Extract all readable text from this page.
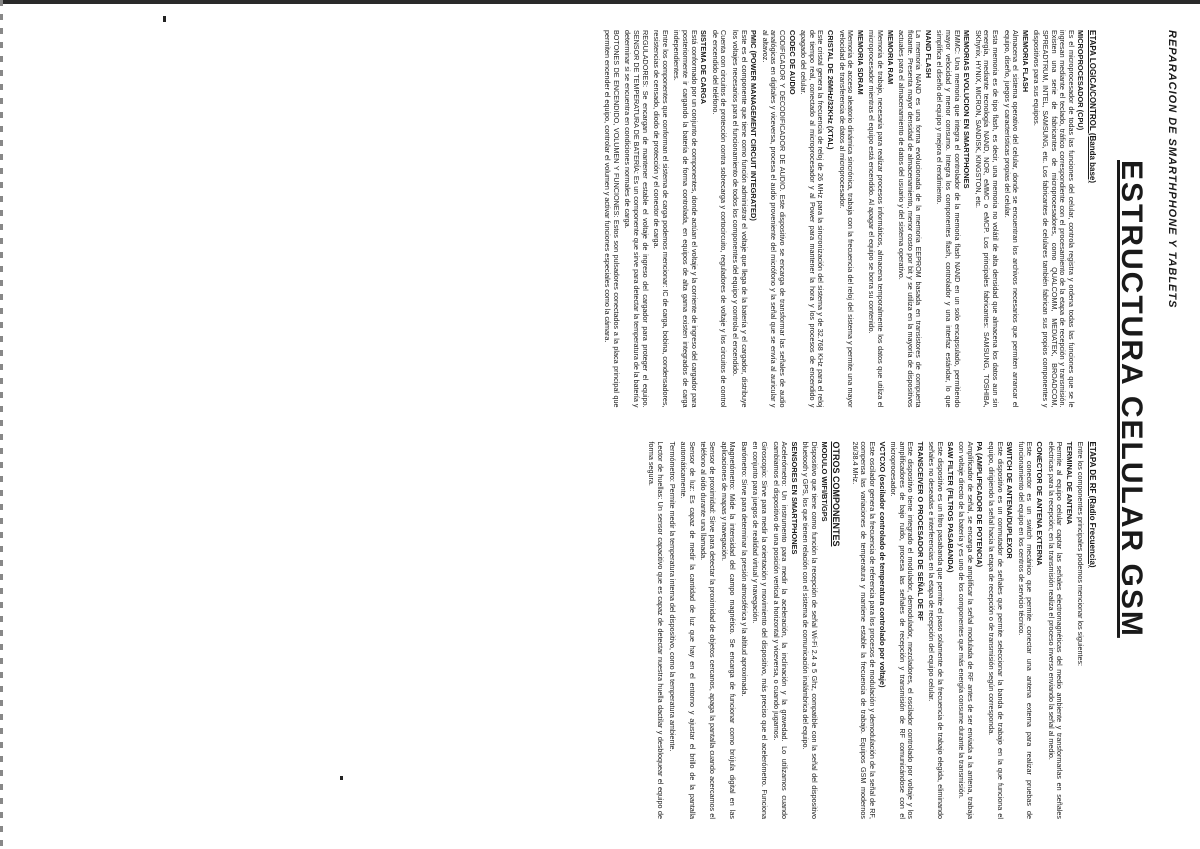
REPARACION DE SMARTHPHONE Y TABLETS
ESTRUCTURA CELULAR GSM
ETAPA LOGICA/CONTROL (Banda base)
MICROPROCESADOR (CPU)

Es el microprocesador de todas las funciones del celular, controla registra y ordena todas las funciones que se le ingresan mediante el teclado, tráfico correspondiente con el procesamiento de la etapa de recepción y transmisión. Existen una serie de fabricantes de microprocesadores, como QUALCOMM, MEDIATEK, BROADCOM, SPREADTRUM, INTEL, SAMSUNG, etc. Los fabricantes de celulares también fabrican sus propios componentes y dispositivos para sus equipos.

MEMORIA FLASH

Almacena el sistema operativo del celular, donde se encuentran los archivos necesarios que permiten arrancar el equipo, diseño, juegos y características propias del celular.

Esta memoria es de tipo flash, es decir, una memoria no volátil de alta densidad que almacena los datos aun sin energía, mediante tecnología NAND, NOR, eMMC o eMCP. Los principales fabricantes: SAMSUNG, TOSHIBA, SKhynix, HYNIX, MICRON, SANDISK, KINGSTON, etc.

MEMORIAS EVOLUCION EN SMARTPHONES

EMMC: Una memoria que integra el controlador de la memoria flash NAND en un solo encapsulado, permitiendo mayor velocidad y menor consumo. Integra los componentes flash, controlador y una interfaz estándar, lo que simplifica el diseño del equipo y mejora el rendimiento.

NAND FLASH

La memoria NAND es una forma evolucionada de la memoria EEPROM basada en transistores de compuerta flotante. Presenta mayor densidad de almacenamiento, menor costo por bit y se utiliza en la mayoría de dispositivos actuales para el almacenamiento de datos del usuario y del sistema operativo.

MEMORIA RAM

Memoria de trabajo, necesaria para realizar procesos informáticos, almacena temporalmente los datos que utiliza el microprocesador mientras el equipo está encendido. Al apagar el equipo se borra su contenido.

MEMORIA SDRAM

Memoria de acceso aleatorio dinámica sincrónica, trabaja con la frecuencia del reloj del sistema y permite una mayor velocidad de transferencia de datos al microprocesador.

CRISTAL DE 26MHz/32KHz (XTAL)

Este cristal genera la frecuencia de reloj de 26 MHz para la sincronización del sistema y de 32.768 KHz para el reloj de tiempo real, conectado al microprocesador y al Power para mantener la hora y los procesos de encendido y apagado del celular.

CODEC DE AUDIO

CODIFICADOR Y DECODIFICADOR DE AUDIO. Este dispositivo se encarga de transformar las señales de audio analógicas en digitales y viceversa, procesa el audio proveniente del micrófono y la señal que se envía al auricular y al altavoz.

PMIC (POWER MANAGEMENT CIRCUIT INTEGRATED)

Este es el componente que tiene como función administrar el voltaje que llega de la batería y el cargador, distribuye los voltajes necesarios para el funcionamiento de todos los componentes del equipo y controla el encendido.

Cuenta con circuitos de protección contra sobrecarga y cortocircuito, reguladores de voltaje y los circuitos de control de encendido del teléfono.

SISTEMA DE CARGA

Está conformado por un conjunto de componentes, donde actúan el voltaje y la corriente de ingreso del cargador para posteriormente ir cargando la batería de forma controlada, en equipos de alta gama existen integrados de carga independientes.

Entre los componentes que conforman el sistema de carga podemos mencionar: IC de carga, bobina, condensadores, resistencias de censado, diodo de protección y el conector de carga.

REGULADORES: Se encargan de mantener estable el voltaje de ingreso del cargador para proteger el equipo. SENSOR DE TEMPERATURA DE BATERÍA: Es un componente que sirve para detectar la temperatura de la batería y determinar si se encuentra en condiciones normales de carga.

BOTONES DE ENCENDIDO, VOLUMEN Y FUNCIONES: Estos son pulsadores conectados a la placa principal que permiten encender el equipo, controlar el volumen y activar funciones especiales como la cámara.

ETAPA DE RF (Radio Frecuencia)

Entre los componentes principales podemos mencionar los siguientes:

TERMINAL DE ANTENA

Permite al equipo celular captar las señales electromagnéticas del medio ambiente y transformarlas en señales eléctricas para la recepción; en la transmisión realiza el proceso inverso enviando la señal al medio.

CONECTOR DE ANTENA EXTERNA

Este conector es un switch mecánico que permite conectar una antena externa para realizar pruebas de funcionamiento del equipo en los centros de servicio técnico.

SWITCH DE ANTENA/DUPLEXOR

Este dispositivo es un conmutador de señales que permite seleccionar la banda de trabajo en la que funciona el equipo, dirigiendo la señal hacia la etapa de recepción o de transmisión según corresponda.

PA (AMPLIFICADOR DE POTENCIA)

Amplificador de señal, se encarga de amplificar la señal modulada de RF antes de ser enviada a la antena, trabaja con voltaje directo de la batería y es uno de los componentes que más energía consume durante la transmisión.

SAW FILTER (FILTROS PASABANDA)

Este dispositivo es un filtro pasabanda que permite el paso solamente de la frecuencia de trabajo elegida, eliminando señales no deseadas e interferencias en la etapa de recepción del equipo celular.

TRANSCEIVER O PROCESADOR DE SEÑAL DE RF

Este dispositivo tiene integrado el modulador, demodulador, mezcladores, el oscilador controlado por voltaje y los amplificadores de bajo ruido, procesa las señales de recepción y transmisión de RF comunicándose con el microprocesador.

VCTCXO (oscilador controlado de temperatura controlado por voltaje)

Este oscilador genera la frecuencia de referencia para los procesos de modulación y demodulación de la señal de RF, compensa las variaciones de temperatura y mantiene estable la frecuencia de trabajo. Equipos GSM modernos 26/38.4 MHz.

OTROS COMPONENTES
MODULO WIFI/BT/GPS

Dispositivo que tiene como función la recepción de señal Wi-Fi 2.4 a 5 Ghz, compatible con la señal del dispositivo bluetooth y GPS, los que tienen relación con el sistema de comunicación inalámbrica del equipo.

SENSORES EN SMARTPHONES

Acelerómetro: Un instrumento para medir la aceleración, la inclinación y la gravedad. Lo utilizamos cuando cambiamos el dispositivo de una posición vertical a horizontal y viceversa, o cuando jugamos.

Giroscopio: Sirve para medir la orientación y movimiento del dispositivo, más preciso que el acelerómetro. Funciona en conjunto para juegos de realidad virtual y navegación.

Barómetro: Sirve para determinar la presión atmosférica y la altitud aproximada.

Magnetómetro: Mide la intensidad del campo magnético. Se encarga de funcionar como brújula digital en las aplicaciones de mapas y navegación.

Sensor de proximidad: Sirve para detectar la proximidad de objetos cercanos, apaga la pantalla cuando acercamos el teléfono al oído durante una llamada.

Sensor de luz: Es capaz de medir la cantidad de luz que hay en el entorno y ajustar el brillo de la pantalla automáticamente.

Termómetro: Permite medir la temperatura interna del dispositivo, como la temperatura ambiente.

Lector de huellas: Un sensor capacitivo que es capaz de detectar nuestra huella dactilar y desbloquear el equipo de forma segura.
